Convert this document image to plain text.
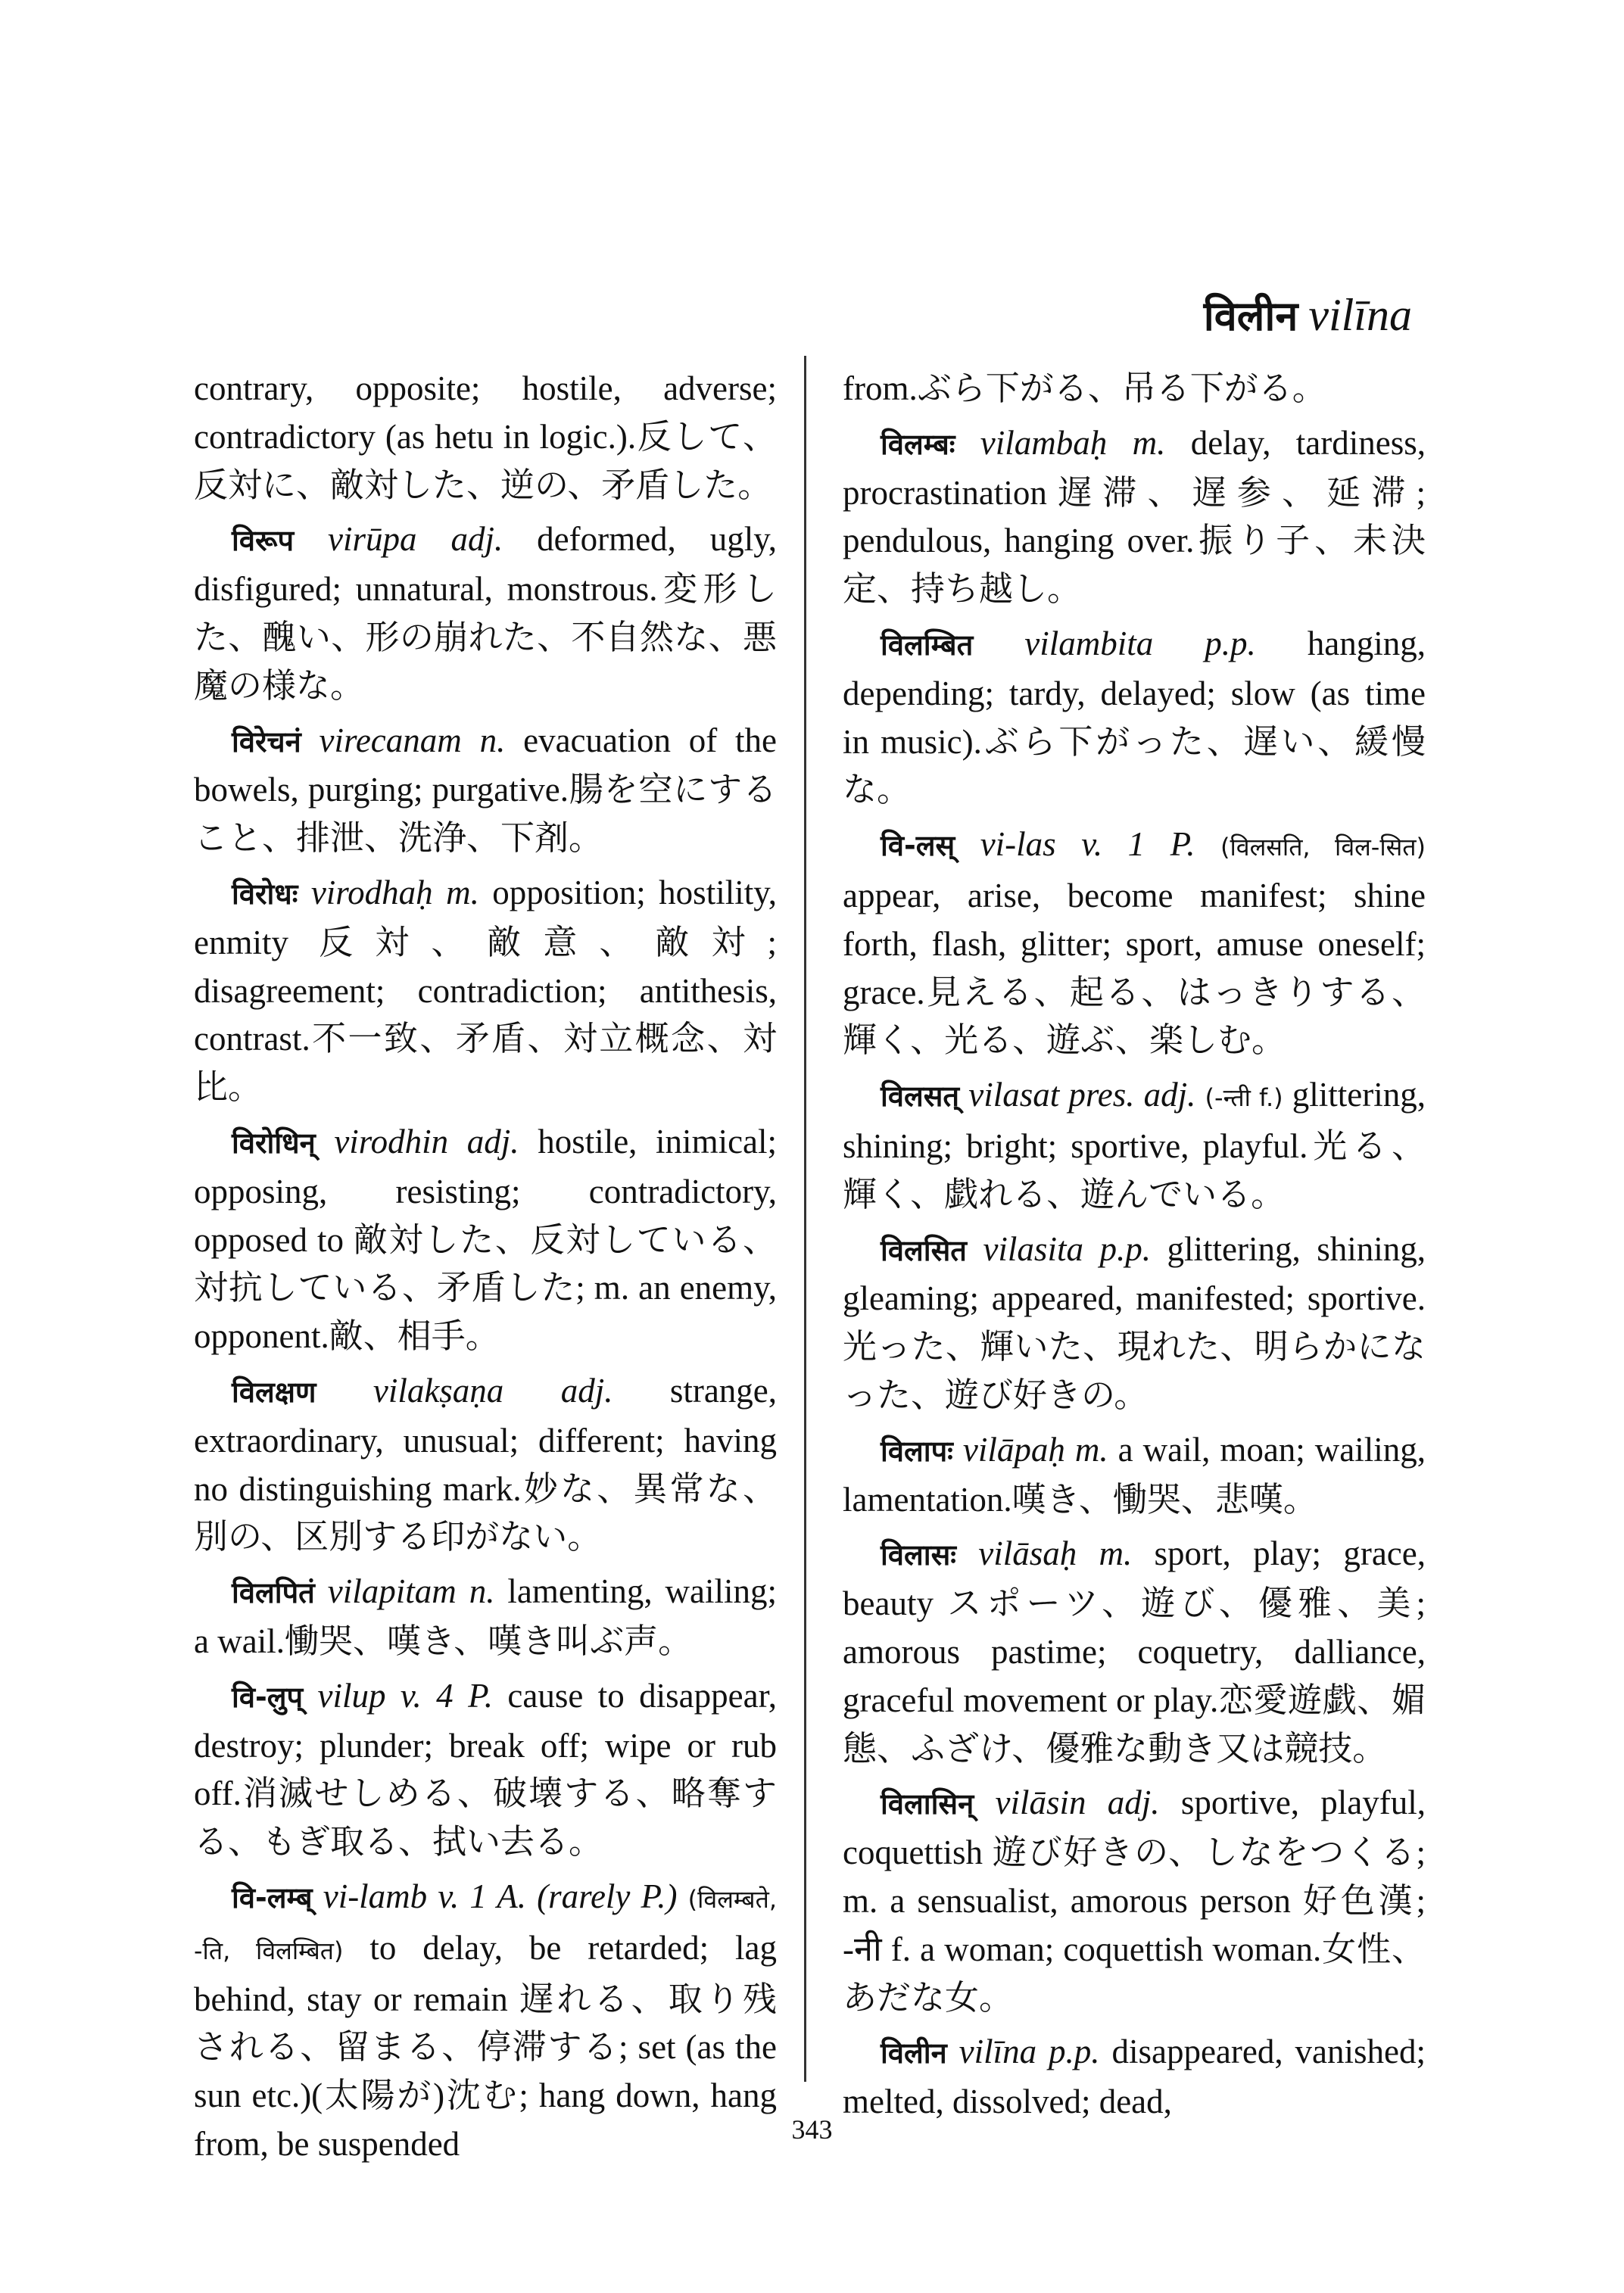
विलीन vilīna

contrary, opposite; hostile, adverse; contradictory (as hetu in logic.).反して、反対に、敵対した、逆の、矛盾した。

विरूप virūpa adj. deformed, ugly, disfigured; unnatural, monstrous.変形した、醜い、形の崩れた、不自然な、悪魔の様な。

विरेचनं virecanam n. evacuation of the bowels, purging; purgative.腸を空にすること、排泄、洗浄、下剤。

विरोधः virodhaḥ m. opposition; hostility, enmity 反対、敵意、敵対; disagreement; contradiction; antithesis, contrast.不一致、矛盾、対立概念、対比。

विरोधिन् virodhin adj. hostile, inimical; opposing, resisting; contradictory, opposed to 敵対した、反対している、対抗している、矛盾した; m. an enemy, opponent.敵、相手。

विलक्षण vilakṣaṇa adj. strange, extraordinary, unusual; different; having no distinguishing mark.妙な、異常な、別の、区別する印がない。

विलपितं vilapitam n. lamenting, wailing; a wail.慟哭、嘆き、嘆き叫ぶ声。

वि-लुप् vilup v. 4 P. cause to disappear, destroy; plunder; break off; wipe or rub off.消滅せしめる、破壊する、略奪する、もぎ取る、拭い去る。

वि-लम्ब् vi-lamb v. 1 A. (rarely P.) (विलम्बते, -ति, विलम्बित) to delay, be retarded; lag behind, stay or remain 遅れる、取り残される、留まる、停滞する; set (as the sun etc.)(太陽が)沈む; hang down, hang from, be suspended

from.ぶら下がる、吊る下がる。

विलम्बः vilambaḥ m. delay, tardiness, procrastination遅滞、遅参、延滞; pendulous, hanging over.振り子、未決定、持ち越し。

विलम्बित vilambita p.p. hanging, depending; tardy, delayed; slow (as time in music).ぶら下がった、遅い、緩慢な。

वि-लस् vi-las v. 1 P. (विलसति, विल-सित) appear, arise, become manifest; shine forth, flash, glitter; sport, amuse oneself; grace.見える、起る、はっきりする、輝く、光る、遊ぶ、楽しむ。

विलसत् vilasat pres. adj. (-न्ती f.) glittering, shining; bright; sportive, playful.光る、輝く、戯れる、遊んでいる。

विलसित vilasita p.p. glittering, shining, gleaming; appeared, manifested; sportive.光った、輝いた、現れた、明らかになった、遊び好きの。

विलापः vilāpaḥ m. a wail, moan; wailing, lamentation.嘆き、慟哭、悲嘆。

विलासः vilāsaḥ m. sport, play; grace, beauty スポーツ、遊び、優雅、美; amorous pastime; coquetry, dalliance, graceful movement or play.恋愛遊戯、媚態、ふざけ、優雅な動き又は競技。

विलासिन् vilāsin adj. sportive, playful, coquettish 遊び好きの、しなをつくる; m. a sensualist, amorous person 好色漢; -नी f. a woman; coquettish woman.女性、あだな女。

विलीन vilīna p.p. disappeared, vanished; melted, dissolved; dead,

343
